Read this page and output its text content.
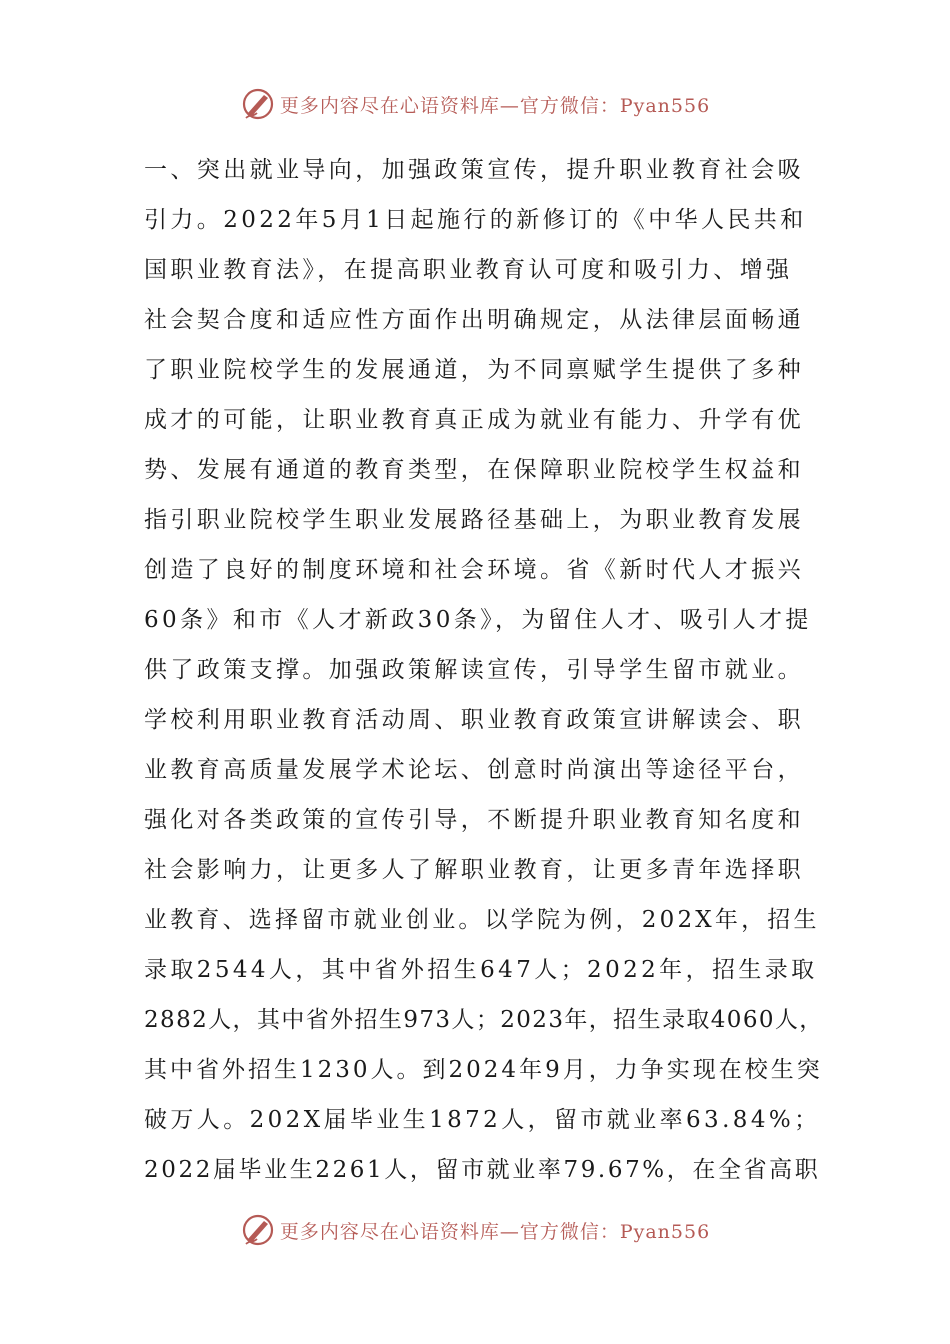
更多内容尽在心语资料库—官方微信：Pyan556
一、突出就业导向，加强政策宣传，提升职业教育社会吸
引力。2022年5月1日起施行的新修订的《中华人民共和
国职业教育法》，在提高职业教育认可度和吸引力、增强
社会契合度和适应性方面作出明确规定，从法律层面畅通
了职业院校学生的发展通道，为不同禀赋学生提供了多种
成才的可能，让职业教育真正成为就业有能力、升学有优
势、发展有通道的教育类型，在保障职业院校学生权益和
指引职业院校学生职业发展路径基础上，为职业教育发展
创造了良好的制度环境和社会环境。省《新时代人才振兴
60条》和市《人才新政30条》，为留住人才、吸引人才提
供了政策支撑。加强政策解读宣传，引导学生留市就业。
学校利用职业教育活动周、职业教育政策宣讲解读会、职
业教育高质量发展学术论坛、创意时尚演出等途径平台，
强化对各类政策的宣传引导，不断提升职业教育知名度和
社会影响力，让更多人了解职业教育，让更多青年选择职
业教育、选择留市就业创业。以学院为例，202X年，招生
录取2544人，其中省外招生647人；2022年，招生录取
2882人，其中省外招生973人；2023年，招生录取4060人，
其中省外招生1230人。到2024年9月，力争实现在校生突
破万人。202X届毕业生1872人，留市就业率63.84%；
2022届毕业生2261人，留市就业率79.67%，在全省高职
更多内容尽在心语资料库—官方微信：Pyan556
